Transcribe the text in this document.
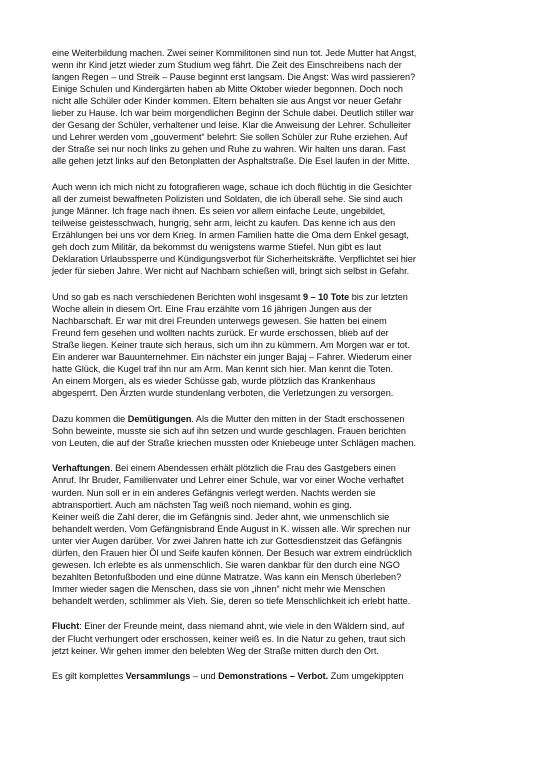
eine Weiterbildung machen. Zwei seiner Kommilitonen sind nun tot. Jede Mutter hat Angst,
wenn ihr Kind jetzt wieder zum Studium weg fährt. Die Zeit des Einschreibens nach der
langen Regen – und Streik – Pause beginnt erst langsam. Die Angst: Was wird passieren?
Einige Schulen und Kindergärten haben ab Mitte Oktober wieder begonnen. Doch noch
nicht alle Schüler oder Kinder kommen. Eltern behalten sie aus Angst vor neuer Gefahr
lieber zu Hause. Ich war beim morgendlichen Beginn der Schule dabei. Deutlich stiller war
der Gesang der Schüler, verhaltener und leise. Klar die Anweisung der Lehrer. Schulleiter
und Lehrer werden vom „gouverment“ belehrt: Sie sollen Schüler zur Ruhe erziehen. Auf
der Straße sei nur noch links zu gehen und Ruhe zu wahren. Wir halten uns daran. Fast
alle gehen jetzt links auf den Betonplatten der Asphaltstraße. Die Esel laufen in der Mitte.

Auch wenn ich mich nicht zu fotografieren wage, schaue ich doch flüchtig in die Gesichter
all der zumeist bewaffneten Polizisten und Soldaten, die ich überall sehe. Sie sind auch
junge Männer. Ich frage nach ihnen. Es seien vor allem einfache Leute, ungebildet,
teilweise geistesschwach, hungrig, sehr arm, leicht zu kaufen. Das kenne ich aus den
Erzählungen bei uns vor dem Krieg. In armen Familien hatte die Oma dem Enkel gesagt,
geh doch zum Militär, da bekommst du wenigstens warme Stiefel. Nun gibt es laut
Deklaration Urlaubssperre und Kündigungsverbot für Sicherheitskräfte. Verpflichtet sei hier
jeder für sieben Jahre. Wer nicht auf Nachbarn schießen will, bringt sich selbst in Gefahr.

Und so gab es nach verschiedenen Berichten wohl insgesamt 9 – 10 Tote bis zur letzten
Woche allein in diesem Ort. Eine Frau erzählte vom 16 jährigen Jungen aus der
Nachbarschaft. Er war mit drei Freunden unterwegs gewesen. Sie hatten bei einem
Freund fern gesehen und wollten nachts zurück. Er wurde erschossen, blieb auf der
Straße liegen. Keiner traute sich heraus, sich um ihn zu kümmern. Am Morgen war er tot.
Ein anderer war Bauunternehmer. Ein nächster ein junger Bajaj – Fahrer. Wiederum einer
hatte Glück, die Kugel traf ihn nur am Arm. Man kennt sich hier. Man kennt die Toten.
An einem Morgen, als es wieder Schüsse gab, wurde plötzlich das Krankenhaus
abgesperrt. Den Ärzten wurde stundenlang verboten, die Verletzungen zu versorgen.

Dazu kommen die Demütigungen. Als die Mutter den mitten in der Stadt erschossenen
Sohn beweinte, musste sie sich auf ihn setzen und wurde geschlagen. Frauen berichten
von Leuten, die auf der Straße kriechen mussten oder Kniebeuge unter Schlägen machen.

Verhaftungen. Bei einem Abendessen erhält plötzlich die Frau des Gastgebers einen
Anruf. Ihr Bruder, Familienvater und Lehrer einer Schule, war vor einer Woche verhaftet
wurden. Nun soll er in ein anderes Gefängnis verlegt werden. Nachts werden sie
abtransportiert. Auch am nächsten Tag weiß noch niemand, wohin es ging.
Keiner weiß die Zahl derer, die im Gefängnis sind. Jeder ahnt, wie unmenschlich sie
behandelt werden. Vom Gefängnisbrand Ende August in K. wissen alle. Wir sprechen nur
unter vier Augen darüber. Vor zwei Jahren hatte ich zur Gottesdienstzeit das Gefängnis
dürfen, den Frauen hier Öl und Seife kaufen können. Der Besuch war extrem eindrücklich
gewesen. Ich erlebte es als unmenschlich. Sie waren dankbar für den durch eine NGO
bezahlten Betonfußboden und eine dünne Matratze. Was kann ein Mensch überleben?
Immer wieder sagen die Menschen, dass sie von „ihnen“ nicht mehr wie Menschen
behandelt werden, schlimmer als Vieh. Sie, deren so tiefe Menschlichkeit ich erlebt hatte.

Flucht: Einer der Freunde meint, dass niemand ahnt, wie viele in den Wäldern sind, auf
der Flucht verhungert oder erschossen, keiner weiß es. In die Natur zu gehen, traut sich
jetzt keiner. Wir gehen immer den belebten Weg der Straße mitten durch den Ort.

Es gilt komplettes Versammlungs – und Demonstrations – Verbot. Zum umgekippten
